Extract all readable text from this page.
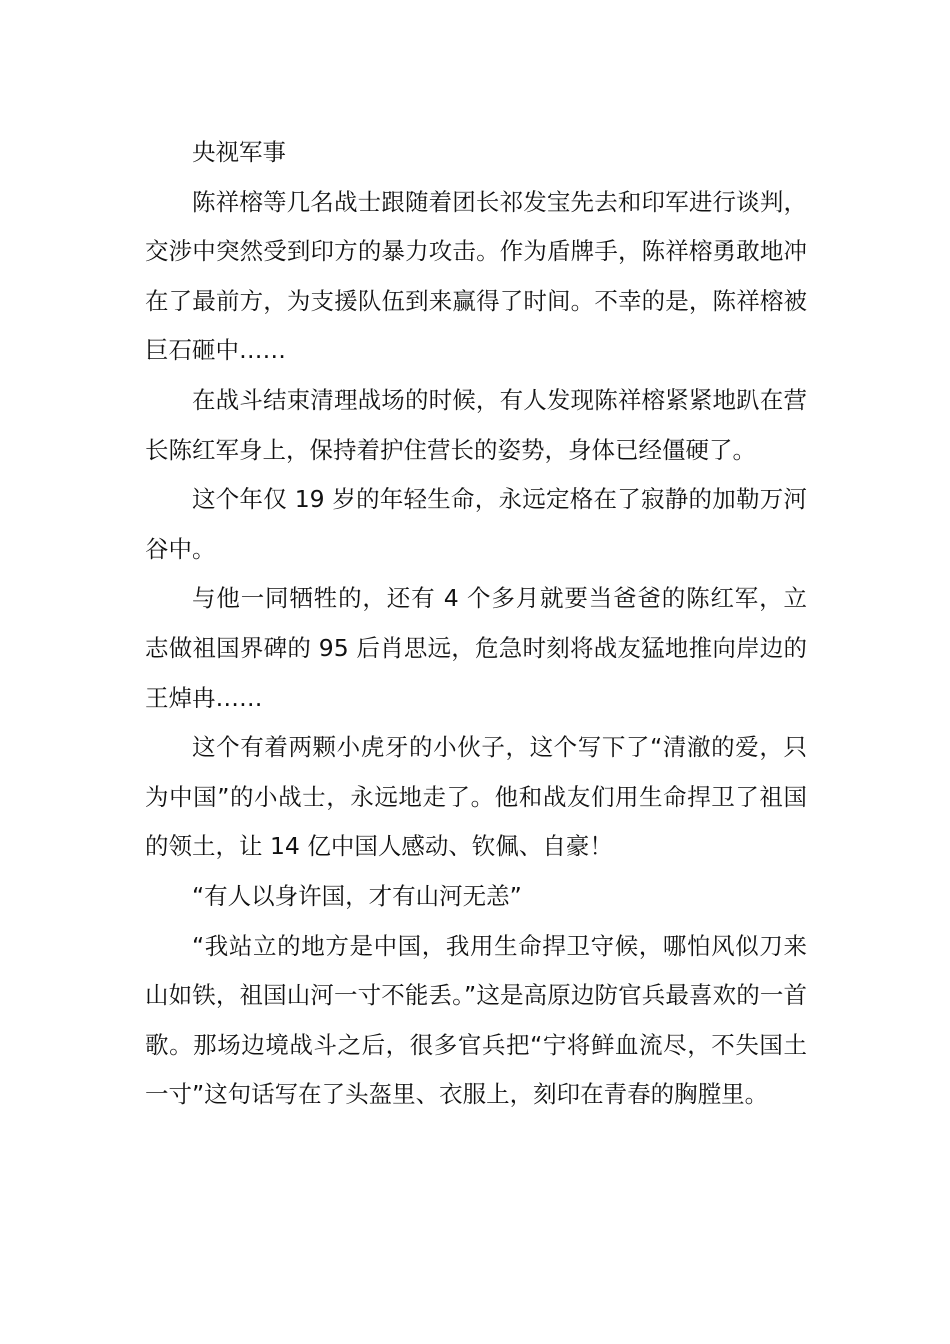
央视军事

陈祥榕等几名战士跟随着团长祁发宝先去和印军进行谈判，交涉中突然受到印方的暴力攻击。作为盾牌手，陈祥榕勇敢地冲在了最前方，为支援队伍到来赢得了时间。不幸的是，陈祥榕被巨石砸中……

在战斗结束清理战场的时候，有人发现陈祥榕紧紧地趴在营长陈红军身上，保持着护住营长的姿势，身体已经僵硬了。

这个年仅 19 岁的年轻生命，永远定格在了寂静的加勒万河谷中。

与他一同牺牲的，还有 4 个多月就要当爸爸的陈红军，立志做祖国界碑的 95 后肖思远，危急时刻将战友猛地推向岸边的王焯冉……

这个有着两颗小虎牙的小伙子，这个写下了“清澈的爱，只为中国”的小战士，永远地走了。他和战友们用生命捍卫了祖国的领土，让 14 亿中国人感动、钦佩、自豪！

“有人以身许国，才有山河无恙”

“我站立的地方是中国，我用生命捍卫守候，哪怕风似刀来山如铁，祖国山河一寸不能丢。”这是高原边防官兵最喜欢的一首歌。那场边境战斗之后，很多官兵把“宁将鲜血流尽，不失国土一寸”这句话写在了头盔里、衣服上，刻印在青春的胸膛里。
